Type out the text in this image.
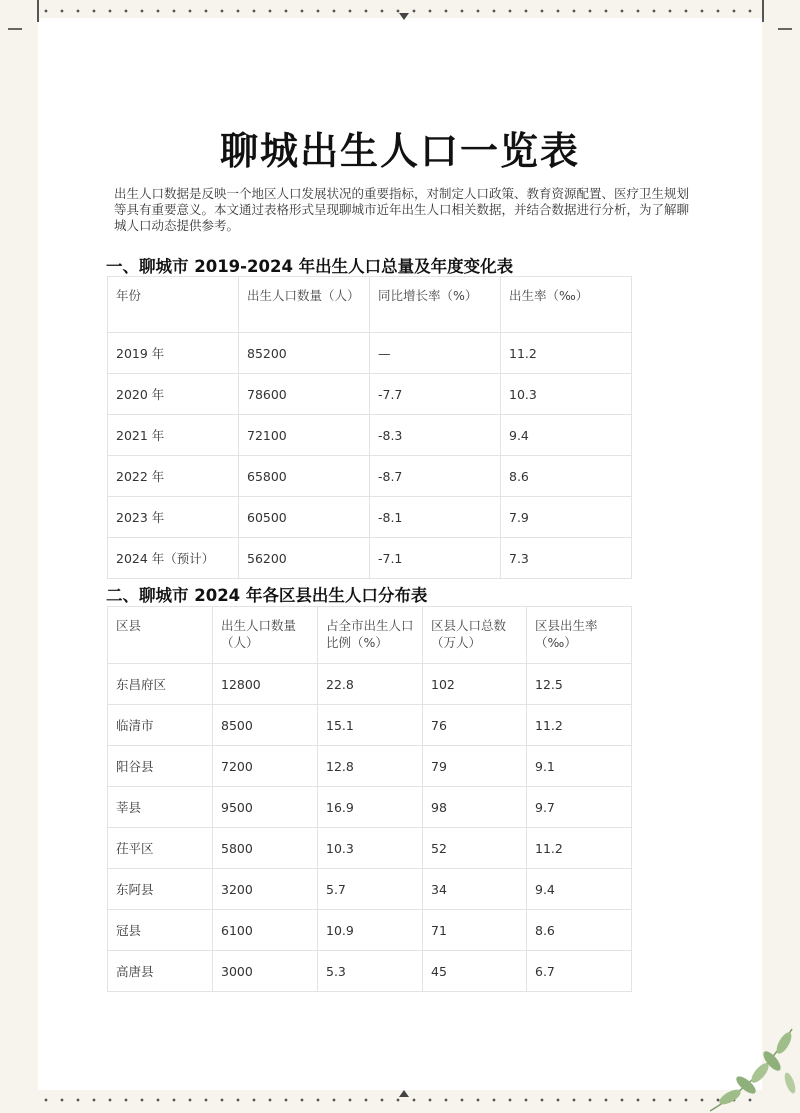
聊城出生人口一览表
出生人口数据是反映一个地区人口发展状况的重要指标，对制定人口政策、教育资源配置、医疗卫生规划等具有重要意义。本文通过表格形式呈现聊城市近年出生人口相关数据，并结合数据进行分析，为了解聊城人口动态提供参考。
一、聊城市 2019-2024 年出生人口总量及年度变化表
年份	出生人口数量（人）	同比增长率（%）	出生率（‰）
2019 年	85200	—	11.2
2020 年	78600	-7.7	10.3
2021 年	72100	-8.3	9.4
2022 年	65800	-8.7	8.6
2023 年	60500	-8.1	7.9
2024 年（预计）	56200	-7.1	7.3
二、聊城市 2024 年各区县出生人口分布表
区县	出生人口数量（人）	占全市出生人口比例（%）	区县人口总数（万人）	区县出生率（‰）
东昌府区	12800	22.8	102	12.5
临清市	8500	15.1	76	11.2
阳谷县	7200	12.8	79	9.1
莘县	9500	16.9	98	9.7
茌平区	5800	10.3	52	11.2
东阿县	3200	5.7	34	9.4
冠县	6100	10.9	71	8.6
高唐县	3000	5.3	45	6.7
